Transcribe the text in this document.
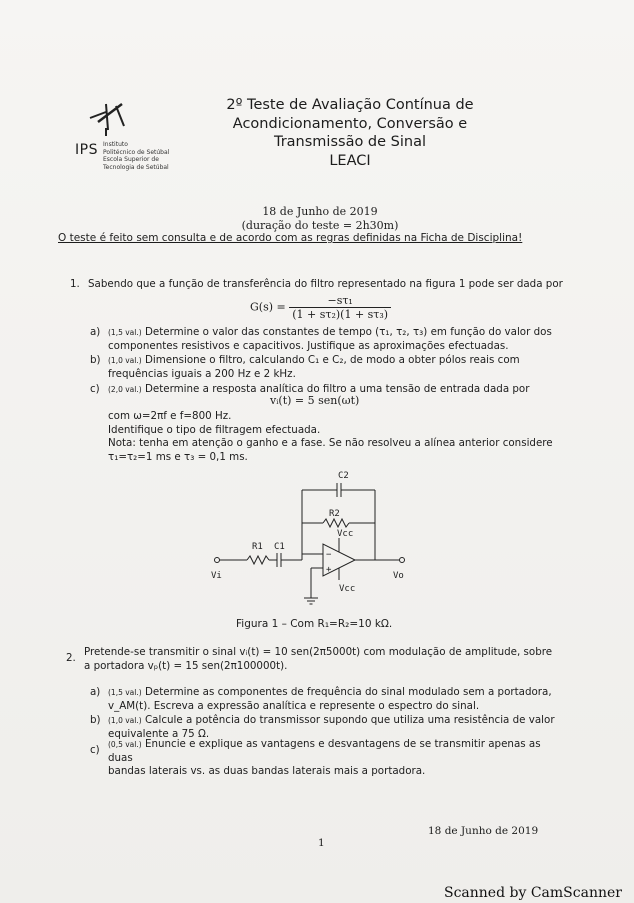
IPS Instituto
Politécnico de Setúbal
Escola Superior de
Tecnologia de Setúbal
2º Teste de Avaliação Contínua de
Acondicionamento, Conversão e
Transmissão de Sinal
LEACI
18 de Junho de 2019
(duração do teste = 2h30m)
O teste é feito sem consulta e de acordo com as regras definidas na Ficha de Disciplina!
1. Sabendo que a função de transferência do filtro representado na figura 1 pode ser dada por
$G(s) = \frac{\text{−sτ₁}}{\text{(1 + sτ₂)(1 + sτ₃)}}$
a) (1,5 val.) Determine o valor das constantes de tempo (τ₁, τ₂, τ₃) em função do valor dos
componentes resistivos e capacitivos. Justifique as aproximações efectuadas.
b) (1,0 val.) Dimensione o filtro, calculando C₁ e C₂, de modo a obter pólos reais com
frequências iguais a 200 Hz e 2 kHz.
c) (2,0 val.) Determine a resposta analítica do filtro a uma tensão de entrada dada por
vᵢ(t) = 5 sen(ωt)
com ω=2πf e f=800 Hz.
Identifique o tipo de filtragem efectuada.
Nota: tenha em atenção o ganho e a fase. Se não resolveu a alínea anterior considere
τ₁=τ₂=1 ms e τ₃ = 0,1 ms.
C2
R2
R1 C1
Vcc
Vcc
Vi	Vo
−
+
Figura 1 – Com R₁=R₂=10 kΩ.
2. Pretende-se transmitir o sinal vᵢ(t) = 10 sen(2π5000t) com modulação de amplitude, sobre
a portadora vₚ(t) = 15 sen(2π100000t).
a) (1,5 val.) Determine as componentes de frequência do sinal modulado sem a portadora,
v_AM(t). Escreva a expressão analítica e represente o espectro do sinal.
b) (1,0 val.) Calcule a potência do transmissor supondo que utiliza uma resistência de valor
equivalente a 75 Ω.
c) (0,5 val.) Enuncie e explique as vantagens e desvantagens de se transmitir apenas as duas
bandas laterais vs. as duas bandas laterais mais a portadora.
1
18 de Junho de 2019
Scanned by CamScanner
